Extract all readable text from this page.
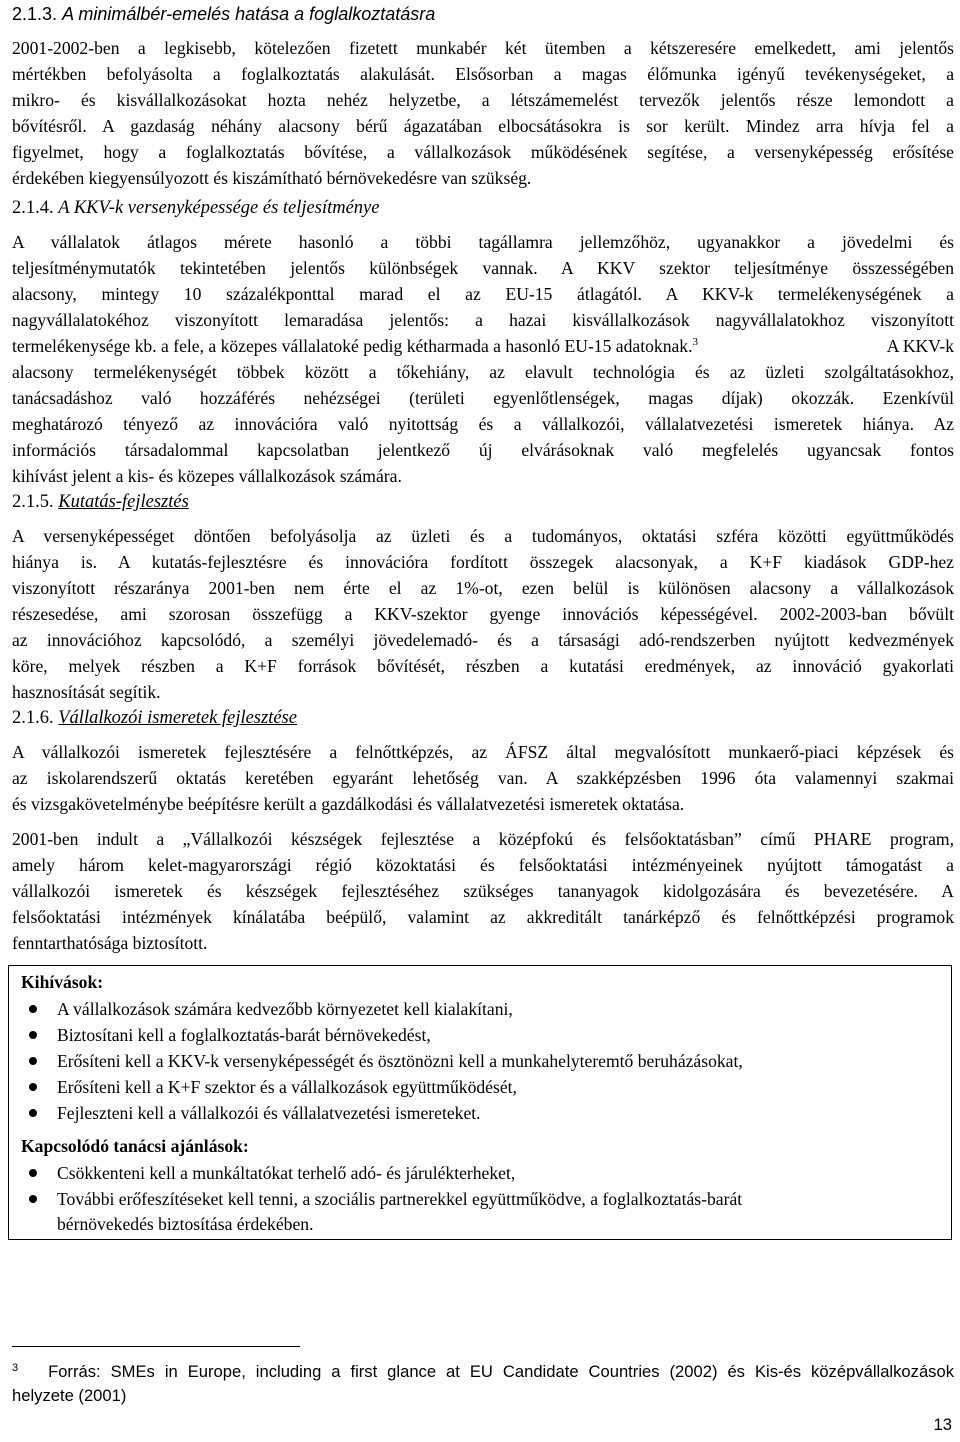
2.1.3. A minimálbér-emelés hatása a foglalkoztatásra
2001-2002-ben a legkisebb, kötelezően fizetett munkabér két ütemben a kétszeresére emelkedett, ami jelentős
mértékben befolyásolta a foglalkoztatás alakulását. Elsősorban a magas élőmunka igényű tevékenységeket, a
mikro- és kisvállalkozásokat hozta nehéz helyzetbe, a létszámemelést tervezők jelentős része lemondott a
bővítésről. A gazdaság néhány alacsony bérű ágazatában elbocsátásokra is sor került. Mindez arra hívja fel a
figyelmet, hogy a foglalkoztatás bővítése, a vállalkozások működésének segítése, a versenyképesség erősítése
érdekében kiegyensúlyozott és kiszámítható bérnövekedésre van szükség.
2.1.4. A KKV-k versenyképessége és teljesítménye
A vállalatok átlagos mérete hasonló a többi tagállamra jellemzőhöz, ugyanakkor a jövedelmi és
teljesítménymutatók tekintetében jelentős különbségek vannak. A KKV szektor teljesítménye összességében
alacsony, mintegy 10 százalékponttal marad el az EU-15 átlagától. A KKV-k termelékenységének a
nagyvállalatokéhoz viszonyított lemaradása jelentős: a hazai kisvállalkozások nagyvállalatokhoz viszonyított
termelékenysége kb. a fele, a közepes vállalatoké pedig kétharmada a hasonló EU-15 adatoknak.$^3$	A KKV-k
alacsony termelékenységét többek között a tőkehiány, az elavult technológia és az üzleti szolgáltatásokhoz,
tanácsadáshoz való hozzáférés nehézségei (területi egyenlőtlenségek, magas díjak) okozzák. Ezenkívül
meghatározó tényező az innovációra való nyitottság és a vállalkozói, vállalatvezetési ismeretek hiánya. Az
információs társadalommal kapcsolatban jelentkező új elvárásoknak való megfelelés ugyancsak fontos
kihívást jelent a kis- és közepes vállalkozások számára.
2.1.5. Kutatás-fejlesztés
A versenyképességet döntően befolyásolja az üzleti és a tudományos, oktatási szféra közötti együttműködés
hiánya is. A kutatás-fejlesztésre és innovációra fordított összegek alacsonyak, a K+F kiadások GDP-hez
viszonyított részaránya 2001-ben nem érte el az 1%-ot, ezen belül is különösen alacsony a vállalkozások
részesedése, ami szorosan összefügg a KKV-szektor gyenge innovációs képességével. 2002-2003-ban bővült
az innovációhoz kapcsolódó, a személyi jövedelemadó- és a társasági adó-rendszerben nyújtott kedvezmények
köre, melyek részben a K+F források bővítését, részben a kutatási eredmények, az innováció gyakorlati
hasznosítását segítik.
2.1.6. Vállalkozói ismeretek fejlesztése
A vállalkozói ismeretek fejlesztésére a felnőttképzés, az ÁFSZ által megvalósított munkaerő-piaci képzések és
az iskolarendszerű oktatás keretében egyaránt lehetőség van. A szakképzésben 1996 óta valamennyi szakmai
és vizsgakövetelménybe beépítésre került a gazdálkodási és vállalatvezetési ismeretek oktatása.
2001-ben indult a „Vállalkozói készségek fejlesztése a középfokú és felsőoktatásban” című PHARE program,
amely három kelet-magyarországi régió közoktatási és felsőoktatási intézményeinek nyújtott támogatást a
vállalkozói ismeretek és készségek fejlesztéséhez szükséges tananyagok kidolgozására és bevezetésére. A
felsőoktatási intézmények kínálatába beépülő, valamint az akkreditált tanárképző és felnőttképzési programok
fenntarthatósága biztosított.
Kihívások:
A vállalkozások számára kedvezőbb környezetet kell kialakítani,
Biztosítani kell a foglalkoztatás-barát bérnövekedést,
Erősíteni kell a KKV-k versenyképességét és ösztönözni kell a munkahelyteremtő beruházásokat,
Erősíteni kell a K+F szektor és a vállalkozások együttműködését,
Fejleszteni kell a vállalkozói és vállalatvezetési ismereteket.
Kapcsolódó tanácsi ajánlások:
Csökkenteni kell a munkáltatókat terhelő adó- és járulékterheket,
További erőfeszítéseket kell tenni, a szociális partnerekkel együttműködve, a foglalkoztatás-barát
bérnövekedés biztosítása érdekében.
$^3$ Forrás: SMEs in Europe, including a first glance at EU Candidate Countries (2002) és Kis-és középvállalkozások
helyzete (2001)
13
